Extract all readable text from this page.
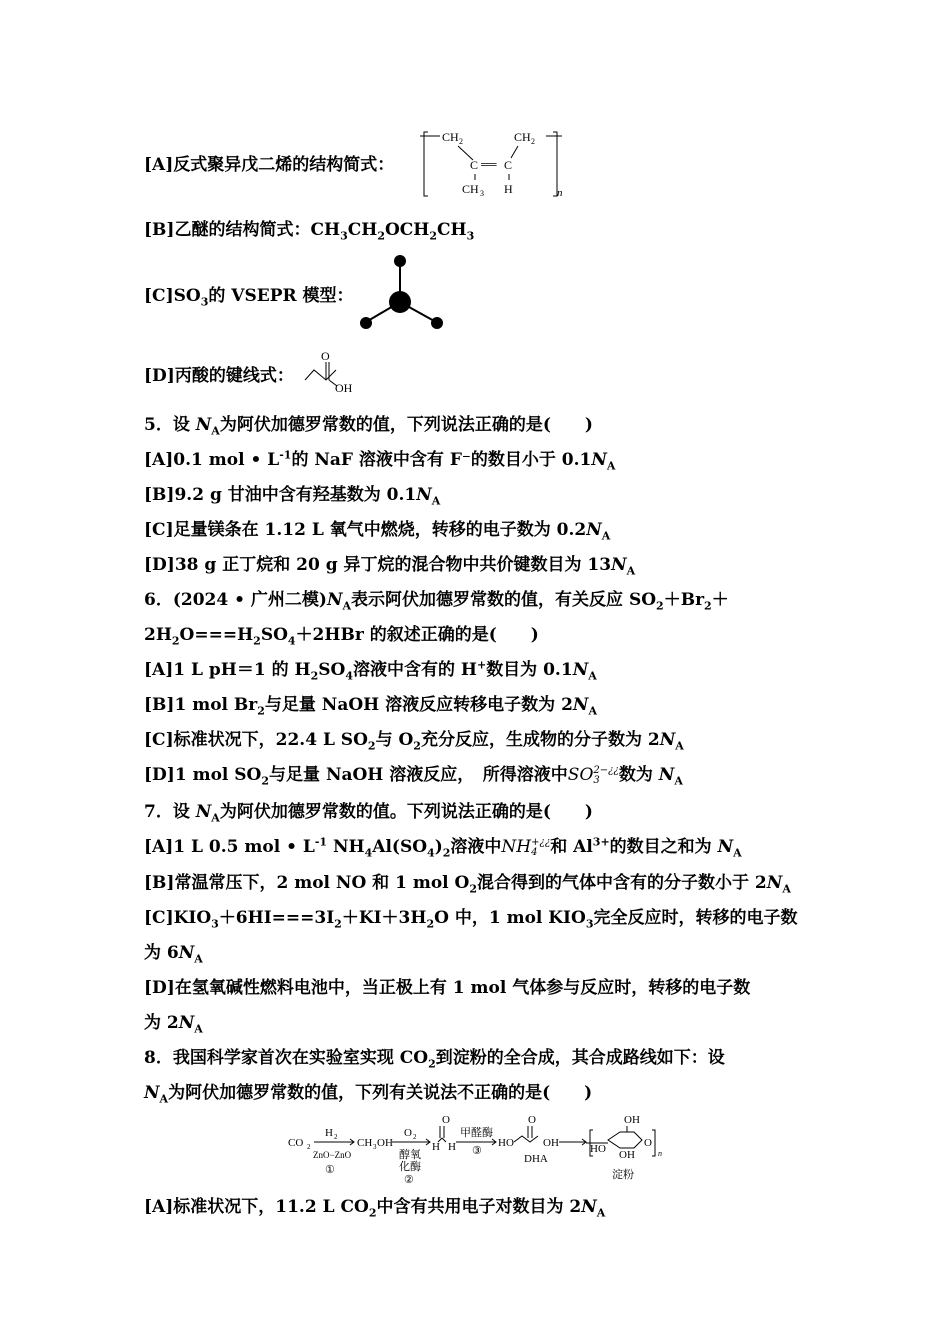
[A]反式聚异戊二烯的结构简式：
CH 2	CH 2
C ══ C
CH 3 H	n
[B]乙醚的结构简式：$CH_3CH_2OCH_2CH_3$
$[C]SO_3$的 VSEPR 模型：
[D]丙酸的键线式：
O
OH
5．设 $N_A$为阿伏加德罗常数的值，下列说法正确的是(　　)
[A]0.1 mol • $L^{-1}$的 NaF 溶液中含有 F⁻的数目小于 $0.1N_A$
[B]9.2 g 甘油中含有羟基数为 $0.1N_A$
[C]足量镁条在 1.12 L 氧气中燃烧，转移的电子数为 $0.2N_A$
[D]38 g 正丁烷和 20 g 异丁烷的混合物中共价键数目为 $13N_A$
6．(2024 • 广州二模)$N_A$表示阿伏加德罗常数的值，有关反应 $SO_2+Br_2+$
$2H_2O===H_2SO_4+2HBr$ 的叙述正确的是(　　)
[A]1 L pH＝1 的 $H_2SO_4$溶液中含有的 H+数目为 $0.1N_A$
[B]1 mol $Br_2$与足量 NaOH 溶液反应转移电子数为 $2N_A$
[C]标准状况下，22.4 L $SO_2$与 $O_2$充分反应，生成物的分子数为 $2N_A$
[D]1 mol $SO_2$与足量 NaOH 溶液反应，　所得溶液中SO 2−¿¿
3	数为 $N_A$
7．设 $N_A$为阿伏加德罗常数的值。下列说法正确的是(　　)
[A]1 L 0.5 mol • $L^{-1}$ $NH_4Al(SO_4)_2$溶液中NH +¿¿
4 和 $Al^{3+}$的数目之和为 $N_A$
[B]常温常压下，2 mol NO 和 1 mol $O_2$混合得到的气体中含有的分子数小于 $2N_A$
$[C]KIO_3+6HI===3I_2+KI+3H_2O$ 中，1 mol $KIO_3$完全反应时，转移的电子数
为 $6N_A$
[D]在氢氧碱性燃料电池中，当正极上有 1 mol 气体参与反应时，转移的电子数
为 $2N_A$
8．我国科学家首次在实验室实现 $CO_2$到淀粉的全合成，其合成路线如下：设
$N_A$为阿伏加德罗常数的值，下列有关说法不正确的是(　　)
CO 2
H 2
ZnO−ZnO
①
CH 3 OH
O 2
醇氧
化酶
②
O
H H
甲醛酶
③
HO
O
OH
DHA
OH
HO OH
O
n
淀粉
[A]标准状况下，11.2 L $CO_2$中含有共用电子对数目为 $2N_A$
